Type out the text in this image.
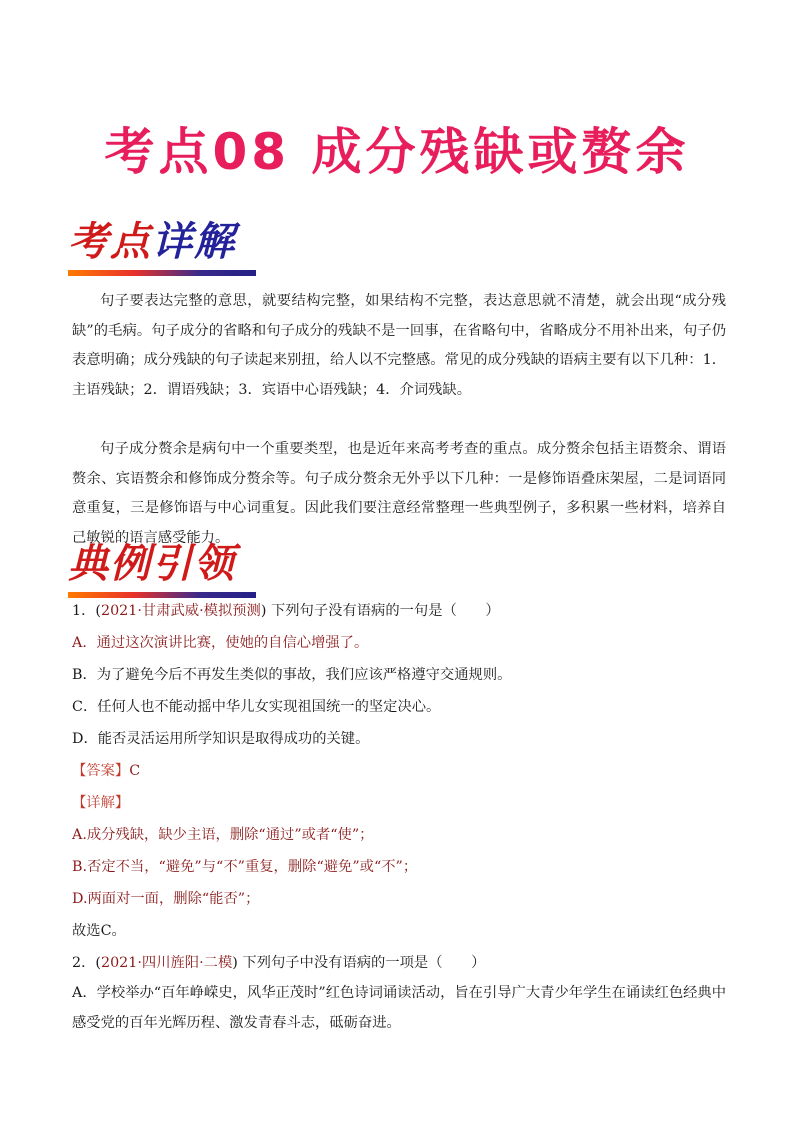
考点08 成分残缺或赘余
考点详解

句子要表达完整的意思，就要结构完整，如果结构不完整，表达意思就不清楚，就会出现“成分残缺”的毛病。句子成分的省略和句子成分的残缺不是一回事，在省略句中，省略成分不用补出来，句子仍表意明确；成分残缺的句子读起来别扭，给人以不完整感。常见的成分残缺的语病主要有以下几种：1．主语残缺；2．谓语残缺；3．宾语中心语残缺；4．介词残缺。

句子成分赘余是病句中一个重要类型，也是近年来高考考查的重点。成分赘余包括主语赘余、谓语赘余、宾语赘余和修饰成分赘余等。句子成分赘余无外乎以下几种：一是修饰语叠床架屋，二是词语同意重复，三是修饰语与中心词重复。因此我们要注意经常整理一些典型例子，多积累一些材料，培养自己敏锐的语言感受能力。

典例引领

1．(2021·甘肃武威·模拟预测) 下列句子没有语病的一句是（　　）

A．通过这次演讲比赛，使她的自信心增强了。

B．为了避免今后不再发生类似的事故，我们应该严格遵守交通规则。

C．任何人也不能动摇中华儿女实现祖国统一的坚定决心。

D．能否灵活运用所学知识是取得成功的关键。

【答案】C

【详解】

A.成分残缺，缺少主语，删除“通过”或者“使”；

B.否定不当，“避免”与“不”重复，删除“避免”或“不”；

D.两面对一面，删除“能否”；

故选C。

2．(2021·四川旌阳·二模) 下列句子中没有语病的一项是（　　）

A．学校举办“百年峥嵘史，风华正茂时”红色诗词诵读活动，旨在引导广大青少年学生在诵读红色经典中感受党的百年光辉历程、激发青春斗志，砥砺奋进。
